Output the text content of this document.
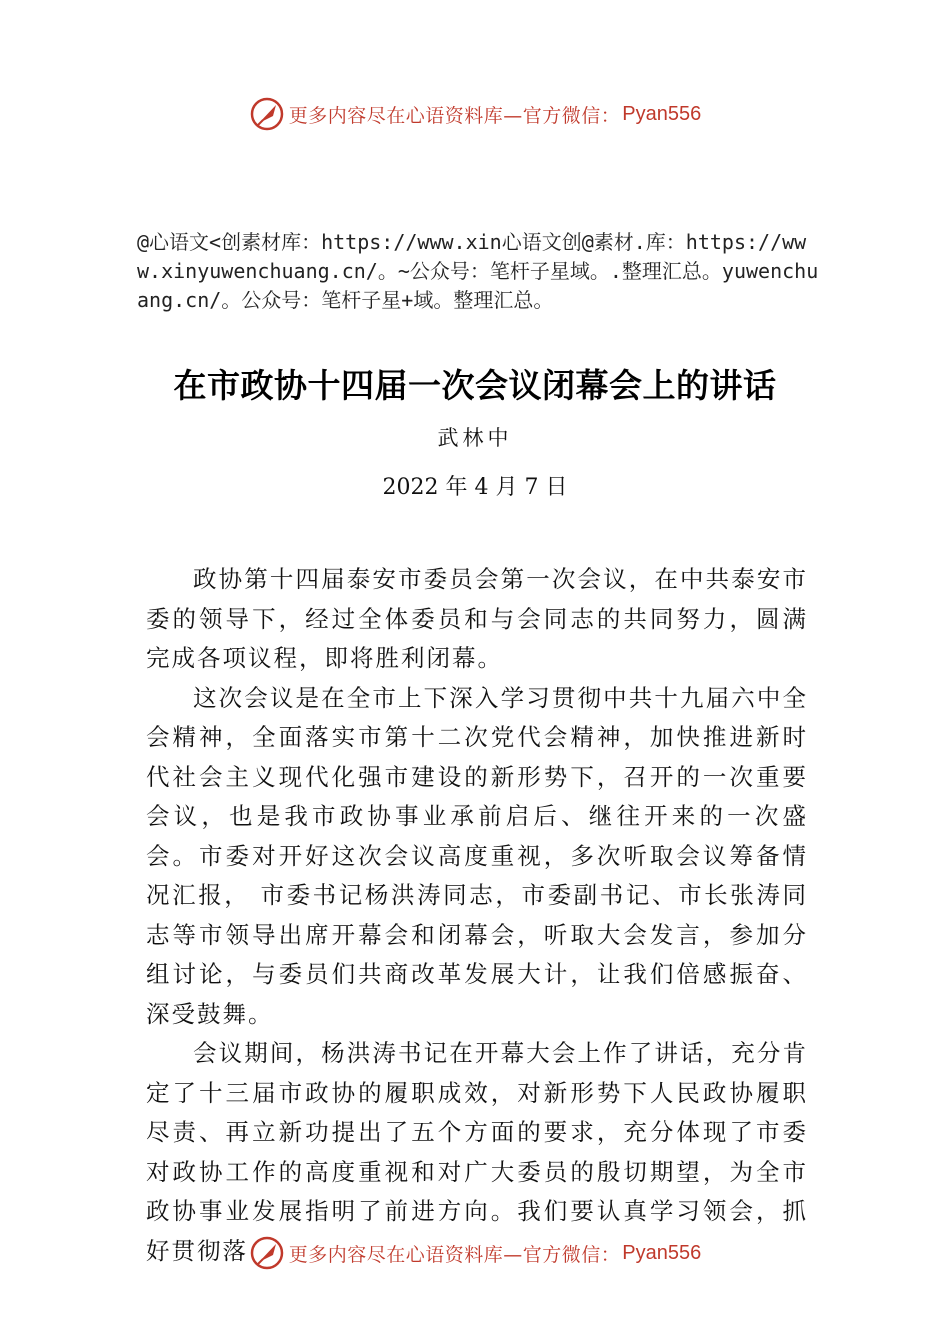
更多内容尽在心语资料库—官方微信： Pyan556
@心语文<创素材库：https://www.xin心语文创@素材.库：https://www.xinyuwenchuang.cn/。~公众号：笔杆子星域。.整理汇总。yuwenchuang.cn/。公众号：笔杆子星+域。整理汇总。
在市政协十四届一次会议闭幕会上的讲话
武林中
2022 年 4 月 7 日

政协第十四届泰安市委员会第一次会议，在中共泰安市委的领导下，经过全体委员和与会同志的共同努力，圆满完成各项议程，即将胜利闭幕。

这次会议是在全市上下深入学习贯彻中共十九届六中全会精神，全面落实市第十二次党代会精神，加快推进新时代社会主义现代化强市建设的新形势下，召开的一次重要会议，也是我市政协事业承前启后、继往开来的一次盛会。市委对开好这次会议高度重视，多次听取会议筹备情况汇报， 市委书记杨洪涛同志，市委副书记、市长张涛同志等市领导出席开幕会和闭幕会，听取大会发言，参加分组讨论，与委员们共商改革发展大计，让我们倍感振奋、深受鼓舞。

会议期间，杨洪涛书记在开幕大会上作了讲话，充分肯定了十三届市政协的履职成效，对新形势下人民政协履职尽责、再立新功提出了五个方面的要求，充分体现了市委对政协工作的高度重视和对广大委员的殷切期望，为全市政协事业发展指明了前进方向。我们要认真学习领会，抓好贯彻落	更多内容尽在心语资料库—官方微信： Pyan556
